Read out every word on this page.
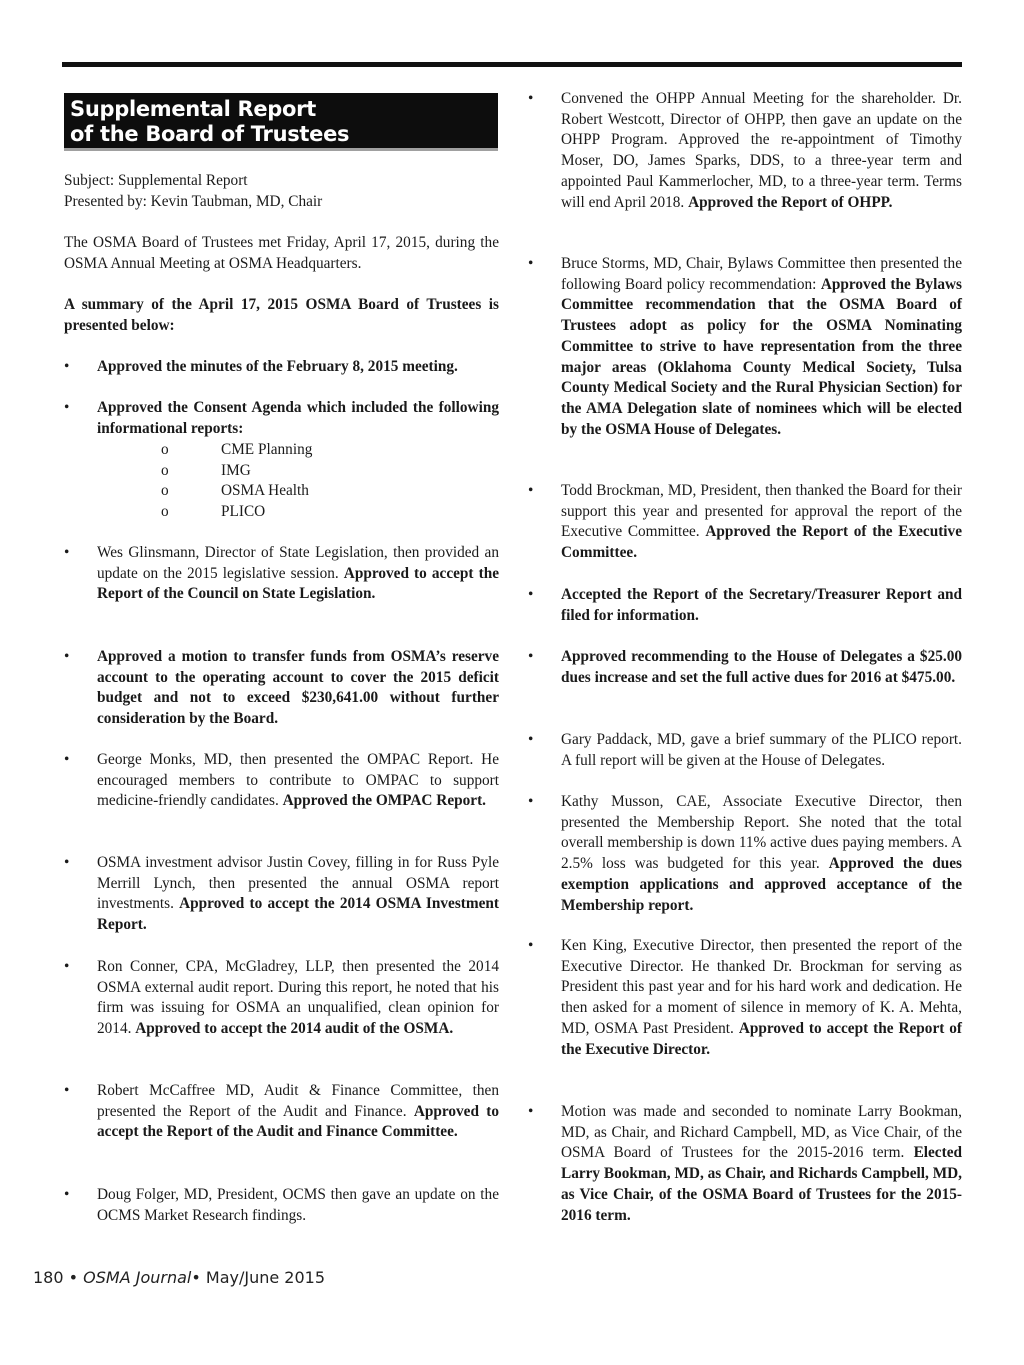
Supplemental Report
of the Board of Trustees

Subject: Supplemental Report

Presented by: Kevin Taubman, MD, Chair

The OSMA Board of Trustees met Friday, April 17, 2015, during the OSMA Annual Meeting at OSMA Headquarters.

A summary of the April 17, 2015 OSMA Board of Trustees is presented below:

•	Approved the minutes of the February 8, 2015 meeting.
•	Approved the Consent Agenda which included the following informational reports:
o	CME Planning
o	IMG
o	OSMA Health
o	PLICO
•	Wes Glinsmann, Director of State Legislation, then provided an update on the 2015 legislative session. Approved to accept the Report of the Council on State Legislation.
•	Approved a motion to transfer funds from OSMA’s reserve account to the operating account to cover the 2015 deficit budget and not to exceed $230,641.00 without further consideration by the Board.
•	George Monks, MD, then presented the OMPAC Report. He encouraged members to contribute to OMPAC to support medicine-friendly candidates. Approved the OMPAC Report.
•	OSMA investment advisor Justin Covey, filling in for Russ Pyle Merrill Lynch, then presented the annual OSMA report investments. Approved to accept the 2014 OSMA Investment Report.
•	Ron Conner, CPA, McGladrey, LLP, then presented the 2014 OSMA external audit report. During this report, he noted that his firm was issuing for OSMA an unqualified, clean opinion for 2014. Approved to accept the 2014 audit of the OSMA.
•	Robert McCaffree MD, Audit & Finance Committee, then presented the Report of the Audit and Finance. Approved to accept the Report of the Audit and Finance Committee.
•	Doug Folger, MD, President, OCMS then gave an update on the OCMS Market Research findings.
•	Convened the OHPP Annual Meeting for the shareholder. Dr. Robert Westcott, Director of OHPP, then gave an update on the OHPP Program. Approved the re-appointment of Timothy Moser, DO, James Sparks, DDS, to a three-year term and appointed Paul Kammerlocher, MD, to a three-year term. Terms will end April 2018. Approved the Report of OHPP.
•	Bruce Storms, MD, Chair, Bylaws Committee then presented the following Board policy recommendation: Approved the Bylaws Committee recommendation that the OSMA Board of Trustees adopt as policy for the OSMA Nominating Committee to strive to have representation from the three major areas (Oklahoma County Medical Society, Tulsa County Medical Society and the Rural Physician Section) for the AMA Delegation slate of nominees which will be elected by the OSMA House of Delegates.
•	Todd Brockman, MD, President, then thanked the Board for their support this year and presented for approval the report of the Executive Committee. Approved the Report of the Executive Committee.
•	Accepted the Report of the Secretary/Treasurer Report and filed for information.
•	Approved recommending to the House of Delegates a $25.00 dues increase and set the full active dues for 2016 at $475.00.
•	Gary Paddack, MD, gave a brief summary of the PLICO report. A full report will be given at the House of Delegates.
•	Kathy Musson, CAE, Associate Executive Director, then presented the Membership Report. She noted that the total overall membership is down 11% active dues paying members. A 2.5% loss was budgeted for this year. Approved the dues exemption applications and approved acceptance of the Membership report.
•	Ken King, Executive Director, then presented the report of the Executive Director. He thanked Dr. Brockman for serving as President this past year and for his hard work and dedication. He then asked for a moment of silence in memory of K. A. Mehta, MD, OSMA Past President. Approved to accept the Report of the Executive Director.
•	Motion was made and seconded to nominate Larry Bookman, MD, as Chair, and Richard Campbell, MD, as Vice Chair, of the OSMA Board of Trustees for the 2015-2016 term. Elected Larry Bookman, MD, as Chair, and Richards Campbell, MD, as Vice Chair, of the OSMA Board of Trustees for the 2015-2016 term.
180 • OSMA Journal• May/June 2015
